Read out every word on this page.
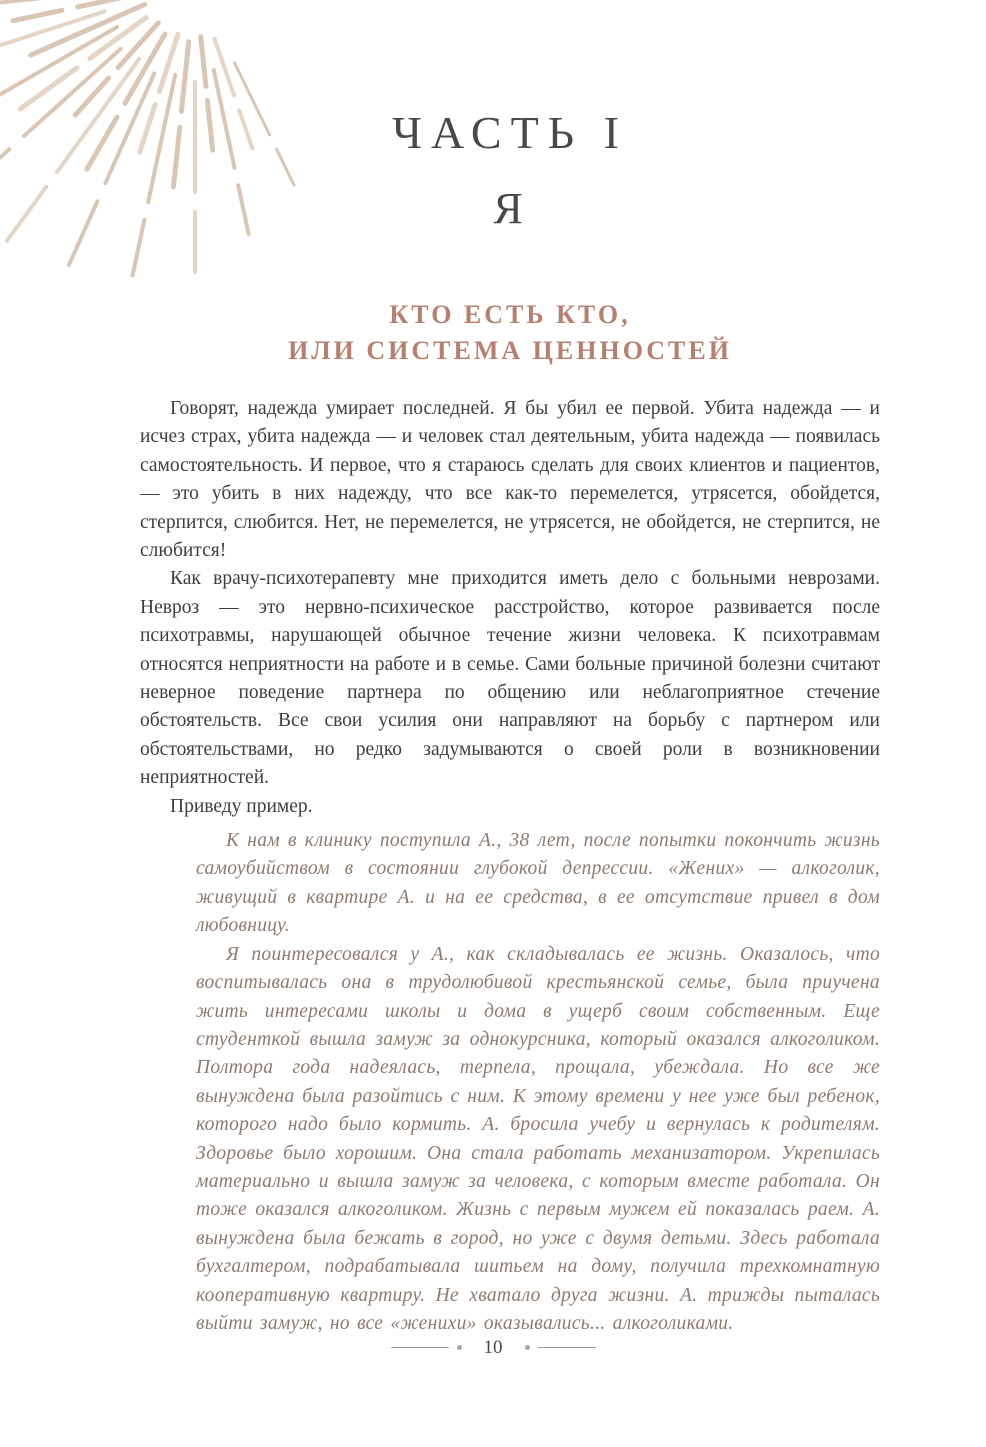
ЧАСТЬ I
Я
КТО ЕСТЬ КТО,
ИЛИ СИСТЕМА ЦЕННОСТЕЙ

Говорят, надежда умирает последней. Я бы убил ее первой. Убита надежда — и исчез страх, убита надежда — и человек стал деятельным, убита надежда — появилась самостоятельность. И первое, что я стараюсь сделать для своих клиентов и пациентов, — это убить в них надежду, что все как-то перемелется, утрясется, обойдется, стерпится, слюбится. Нет, не перемелется, не утрясется, не обойдется, не стерпится, не слюбится!

Как врачу-психотерапевту мне приходится иметь дело с больными неврозами. Невроз — это нервно-психическое расстройство, которое развивается после психотравмы, нарушающей обычное течение жизни человека. К психотравмам относятся неприятности на работе и в семье. Сами больные причиной болезни считают неверное поведение партнера по общению или неблагоприятное стечение обстоятельств. Все свои усилия они направляют на борьбу с партнером или обстоятельствами, но редко задумываются о своей роли в возникновении неприятностей.

Приведу пример.

К нам в клинику поступила А., 38 лет, после попытки покончить жизнь самоубийством в состоянии глубокой депрессии. «Жених» — алкоголик, живущий в квартире А. и на ее средства, в ее отсутствие привел в дом любовницу.

Я поинтересовался у А., как складывалась ее жизнь. Оказалось, что воспитывалась она в трудолюбивой крестьянской семье, была приучена жить интересами школы и дома в ущерб своим собственным. Еще студенткой вышла замуж за однокурсника, который оказался алкоголиком. Полтора года надеялась, терпела, прощала, убеждала. Но все же вынуждена была разойтись с ним. К этому времени у нее уже был ребенок, которого надо было кормить. А. бросила учебу и вернулась к родителям. Здоровье было хорошим. Она стала работать механизатором. Укрепилась материально и вышла замуж за человека, с которым вместе работала. Он тоже оказался алкоголиком. Жизнь с первым мужем ей показалась раем. А. вынуждена была бежать в город, но уже с двумя детьми. Здесь работала бухгалтером, подрабатывала шитьем на дому, получила трехкомнатную кооперативную квартиру. Не хватало друга жизни. А. трижды пыталась выйти замуж, но все «женихи» оказывались... алкоголиками.

10
